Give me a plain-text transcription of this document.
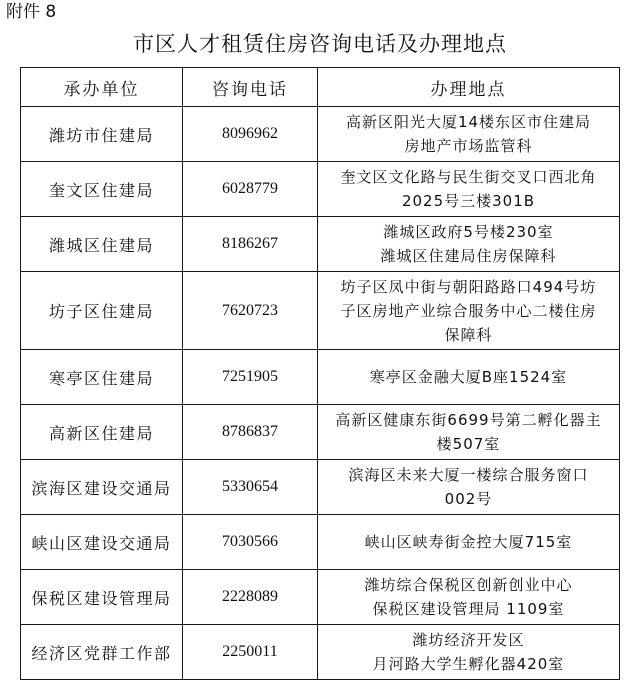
附件 8
市区人才租赁住房咨询电话及办理地点
承办单位	咨询电话	办理地点
潍坊市住建局	8096962	高新区阳光大厦14楼东区市住建局
房地产市场监管科

奎文区住建局	6028779	奎文区文化路与民生街交叉口西北角
2025号三楼301B

潍城区住建局	8186267	潍城区政府5号楼230室
潍城区住建局住房保障科

坊子区住建局	7620723	坊子区凤中街与朝阳路路口494号坊
子区房地产业综合服务中心二楼住房
保障科

寒亭区住建局	7251905	寒亭区金融大厦B座1524室

高新区住建局	8786837	高新区健康东街6699号第二孵化器主
楼507室

滨海区建设交通局	5330654	滨海区未来大厦一楼综合服务窗口
002号

峡山区建设交通局	7030566	峡山区峡寿街金控大厦715室

保税区建设管理局	2228089	潍坊综合保税区创新创业中心
保税区建设管理局 1109室

经济区党群工作部	2250011	潍坊经济开发区
月河路大学生孵化器420室
